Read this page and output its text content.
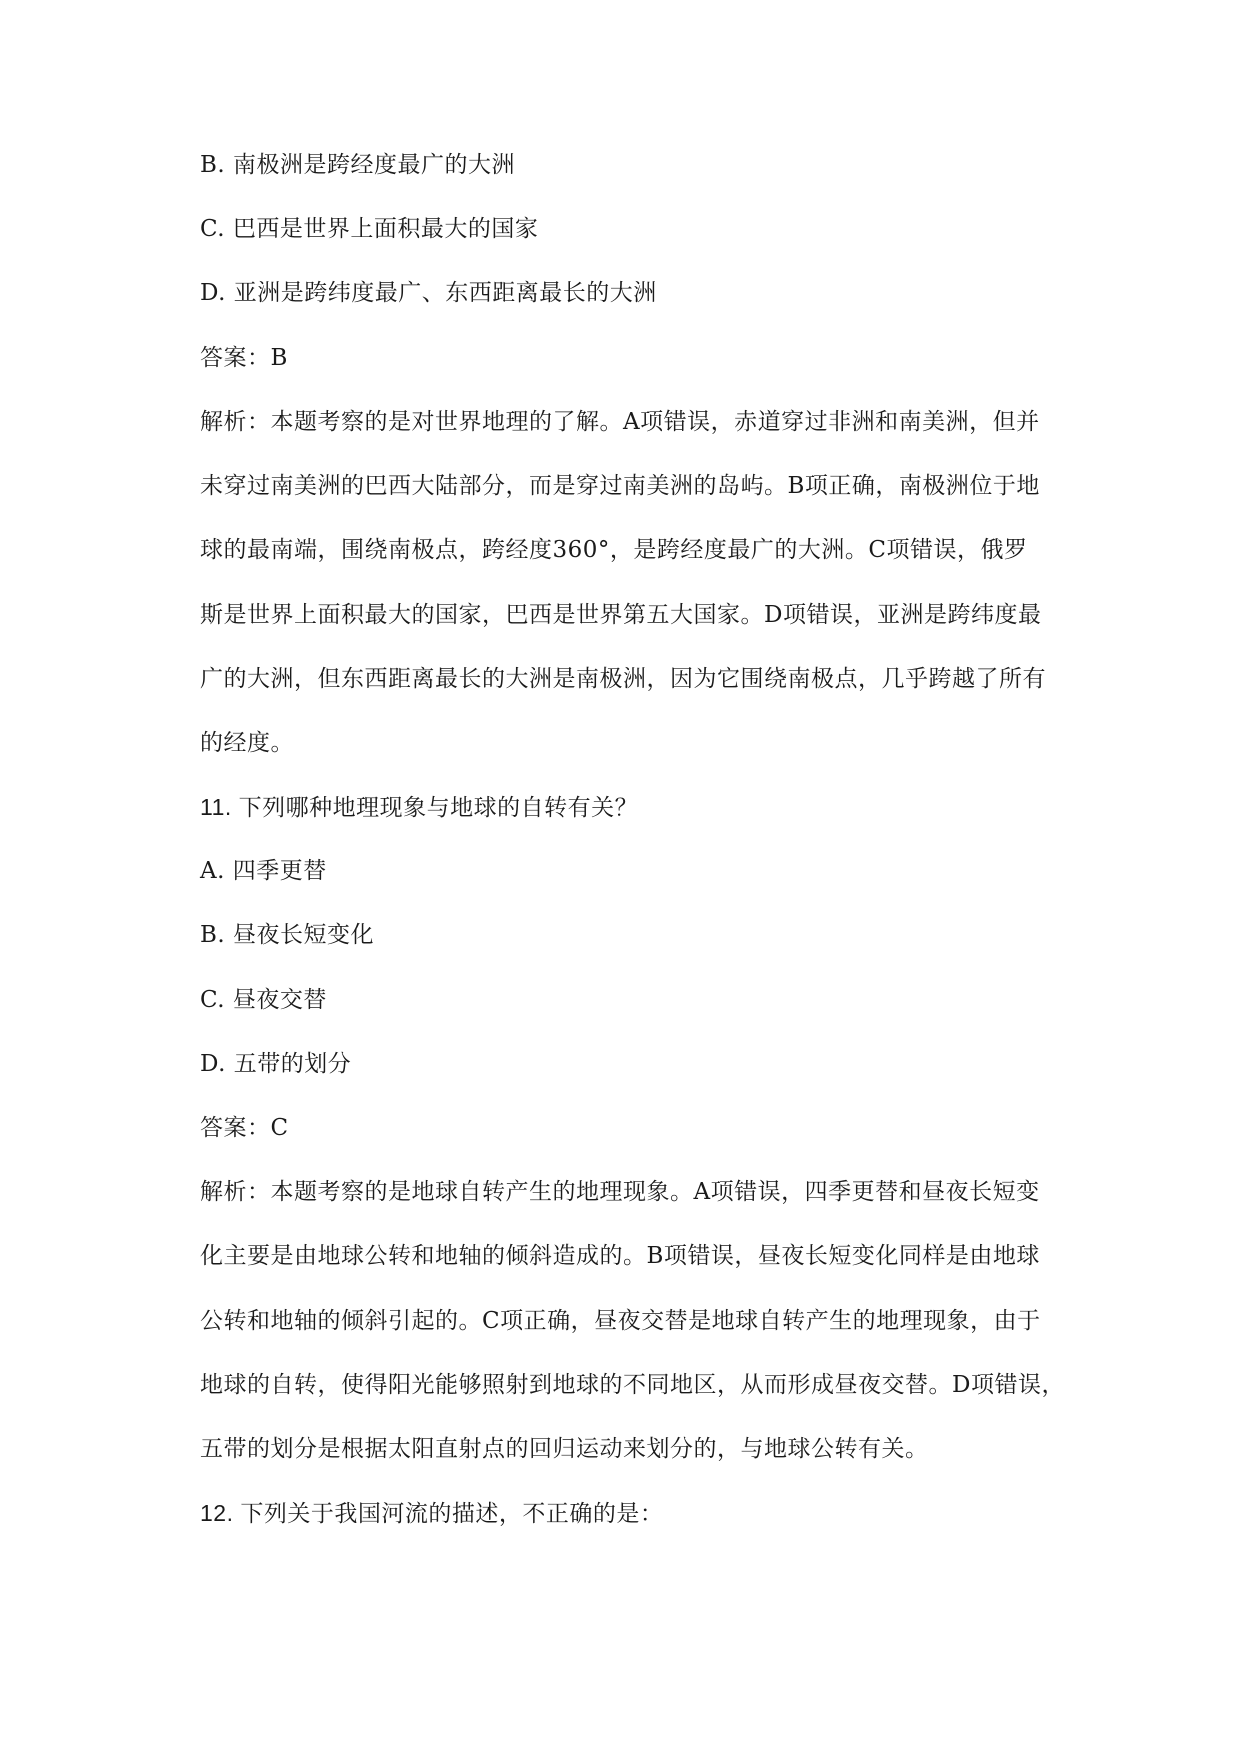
B. 南极洲是跨经度最广的大洲
C. 巴西是世界上面积最大的国家
D. 亚洲是跨纬度最广、东西距离最长的大洲
答案：B
解析：本题考察的是对世界地理的了解。A项错误，赤道穿过非洲和南美洲，但并
未穿过南美洲的巴西大陆部分，而是穿过南美洲的岛屿。B项正确，南极洲位于地
球的最南端，围绕南极点，跨经度360°，是跨经度最广的大洲。C项错误，俄罗
斯是世界上面积最大的国家，巴西是世界第五大国家。D项错误，亚洲是跨纬度最
广的大洲，但东西距离最长的大洲是南极洲，因为它围绕南极点，几乎跨越了所有
的经度。
11. 下列哪种地理现象与地球的自转有关？
A. 四季更替
B. 昼夜长短变化
C. 昼夜交替
D. 五带的划分
答案：C
解析：本题考察的是地球自转产生的地理现象。A项错误，四季更替和昼夜长短变
化主要是由地球公转和地轴的倾斜造成的。B项错误，昼夜长短变化同样是由地球
公转和地轴的倾斜引起的。C项正确，昼夜交替是地球自转产生的地理现象，由于
地球的自转，使得阳光能够照射到地球的不同地区，从而形成昼夜交替。D项错误，
五带的划分是根据太阳直射点的回归运动来划分的，与地球公转有关。
12. 下列关于我国河流的描述，不正确的是：
